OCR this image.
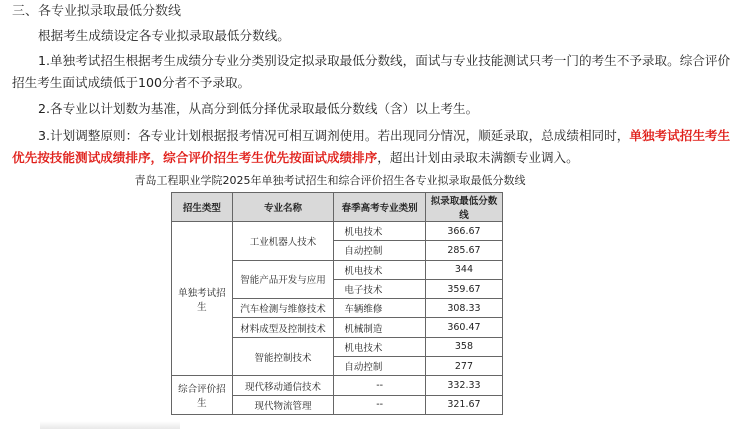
三、各专业拟录取最低分数线
根据考生成绩设定各专业拟录取最低分数线。
1.单独考试招生根据考生成绩分专业分类别设定拟录取最低分数线，面试与专业技能测试只考一门的考生不予录取。综合评价
招生考生面试成绩低于100分者不予录取。
2.各专业以计划数为基准，从高分到低分择优录取最低分数线（含）以上考生。
3.计划调整原则：各专业计划根据报考情况可相互调剂使用。若出现同分情况，顺延录取，总成绩相同时，单独考试招生考生
优先按技能测试成绩排序，综合评价招生考生优先按面试成绩排序，超出计划由录取未满额专业调入。
青岛工程职业学院2025年单独考试招生和综合评价招生各专业拟录取最低分数线
招生类型	专业名称	春季高考专业类别	拟录取最低分数线
单独考试招生	工业机器人技术	机电技术	366.67
		自动控制	285.67
	智能产品开发与应用	机电技术	344
		电子技术	359.67
	汽车检测与维修技术	车辆维修	308.33
	材料成型及控制技术	机械制造	360.47
	智能控制技术	机电技术	358
		自动控制	277
综合评价招生	现代移动通信技术	--	332.33
	现代物流管理	--	321.67
